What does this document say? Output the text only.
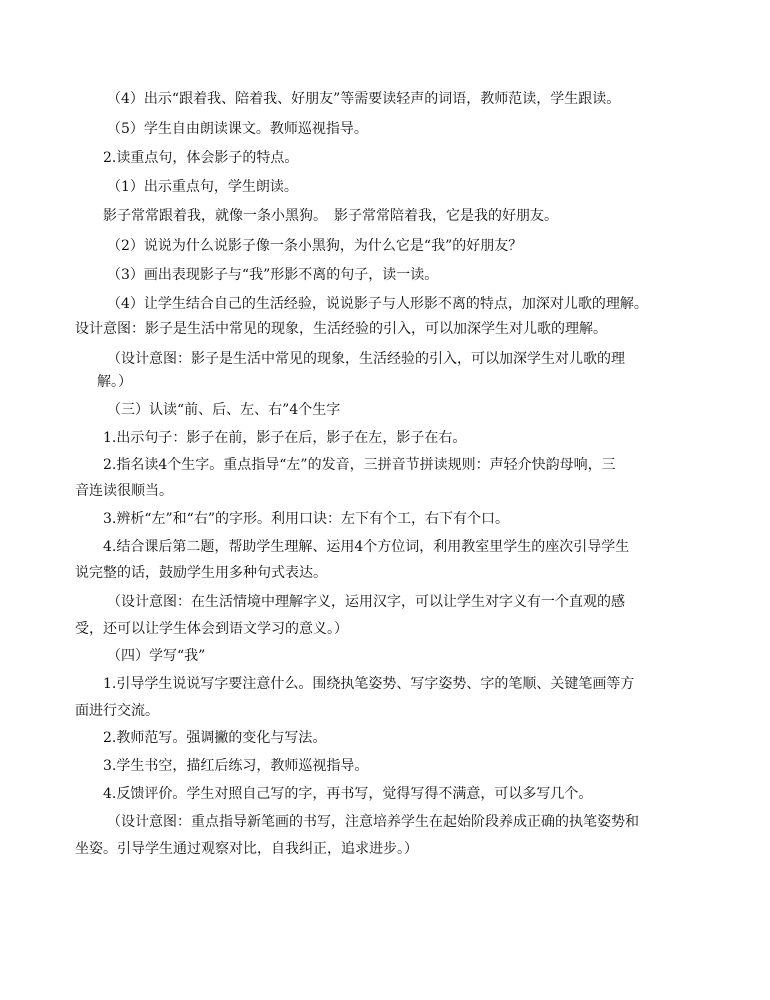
（4）出示“跟着我、陪着我、好朋友”等需要读轻声的词语，教师范读，学生跟读。
（5）学生自由朗读课文。教师巡视指导。
2.读重点句，体会影子的特点。
（1）出示重点句，学生朗读。
影子常常跟着我，就像一条小黑狗。　影子常常陪着我，它是我的好朋友。
（2）说说为什么说影子像一条小黑狗，为什么它是“我”的好朋友？
（3）画出表现影子与“我”形影不离的句子，读一读。
（4）让学生结合自己的生活经验，说说影子与人形影不离的特点，加深对儿歌的理解。
设计意图：影子是生活中常见的现象，生活经验的引入，可以加深学生对儿歌的理解。
（设计意图：影子是生活中常见的现象，生活经验的引入，可以加深学生对儿歌的理
解。）
（三）认读“前、后、左、右”4个生字
1.出示句子：影子在前，影子在后，影子在左，影子在右。
2.指名读4个生字。重点指导“左”的发音，三拼音节拼读规则：声轻介快韵母响，三
音连读很顺当。
3.辨析“左”和“右”的字形。利用口诀：左下有个工，右下有个口。
4.结合课后第二题，帮助学生理解、运用4个方位词，利用教室里学生的座次引导学生
说完整的话，鼓励学生用多种句式表达。
（设计意图：在生活情境中理解字义，运用汉字，可以让学生对字义有一个直观的感
受，还可以让学生体会到语文学习的意义。）
（四）学写“我”
1.引导学生说说写字要注意什么。围绕执笔姿势、写字姿势、字的笔顺、关键笔画等方
面进行交流。
2.教师范写。强调撇的变化与写法。
3.学生书空，描红后练习，教师巡视指导。
4.反馈评价。学生对照自己写的字，再书写，觉得写得不满意，可以多写几个。
（设计意图：重点指导新笔画的书写，注意培养学生在起始阶段养成正确的执笔姿势和
坐姿。引导学生通过观察对比，自我纠正，追求进步。）
